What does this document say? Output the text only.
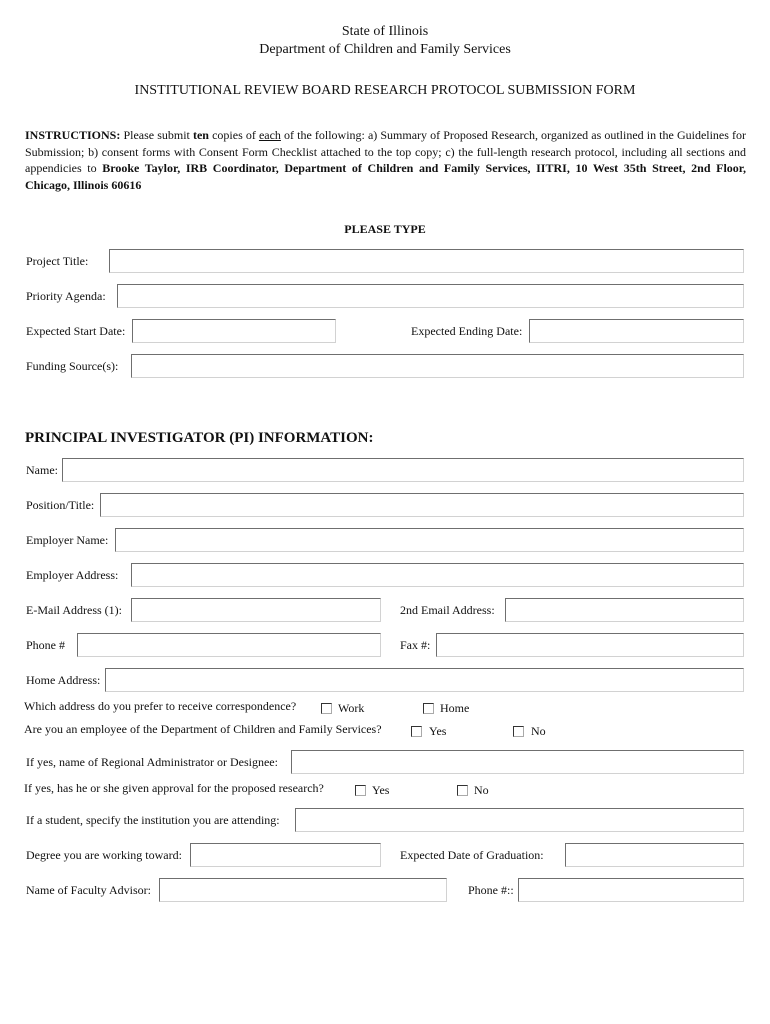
State of Illinois
Department of Children and Family Services
INSTITUTIONAL REVIEW BOARD RESEARCH PROTOCOL SUBMISSION FORM
INSTRUCTIONS: Please submit ten copies of each of the following: a) Summary of Proposed Research, organized as outlined in the Guidelines for Submission; b) consent forms with Consent Form Checklist attached to the top copy; c) the full-length research protocol, including all sections and appendicies to Brooke Taylor, IRB Coordinator, Department of Children and Family Services, IITRI, 10 West 35th Street, 2nd Floor, Chicago, Illinois 60616
PLEASE TYPE
Project Title:
Priority Agenda:
Expected Start Date:	Expected Ending Date:
Funding Source(s):
PRINCIPAL INVESTIGATOR (PI) INFORMATION:
Name:
Position/Title:
Employer Name:
Employer Address:
E-Mail Address (1):	2nd Email Address:
Phone #	Fax #:
Home Address:
Which address do you prefer to receive correspondence?	Work	Home
Are you an employee of the Department of Children and Family Services?	Yes	No
If yes, name of Regional Administrator or Designee:
If yes, has he or she given approval for the proposed research?	Yes	No
If a student, specify the institution you are attending:
Degree you are working toward:	Expected Date of Graduation:
Name of Faculty Advisor:	Phone #::
